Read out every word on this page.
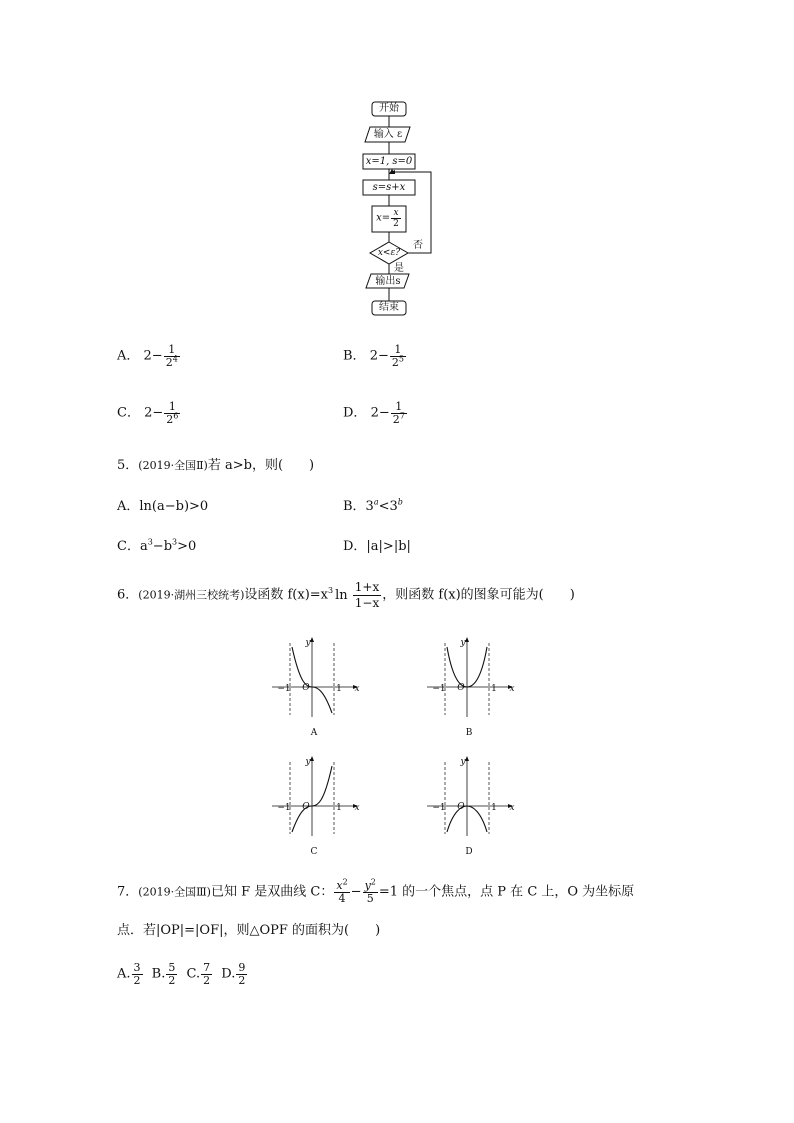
开始
输入 ε
x=1, s=0
s=s+x
$x= \frac{x}{2}$
x<ε?
否
是
输出s
结束
A． $2- \frac{1}{2^4}$	B． $2- \frac{1}{2^5}$
C． $2- \frac{1}{2^6}$	D． $2- \frac{1}{2^7}$
5．(2019·全国Ⅱ)若 a>b，则(　　)
A．ln(a−b)>0	B．$3^a<3^b$
C．$a^3-b^3>0$	D．|a|>|b|
6．(2019·湖州三校统考)设函数 $f(x)=x^3$ $\ln \frac{1+x}{1-x}$ ，则函数 f(x)的图象可能为(　　)
y
x
O
−1	1
A
y
x
O
−1	1
B
y
x
O
−1	1
C
y
x
O
−1	1
D
7．(2019·全国Ⅲ)已知 F 是双曲线 C： $\frac{x^2}{4} - \frac{y^2}{5} =1$ 的一个焦点，点 P 在 C 上，O 为坐标原
点．若|OP|=|OF|，则△OPF 的面积为(　　)
A. $\frac{3}{2} B$. $\frac{5}{2} C$. $\frac{7}{2} D$. $\frac{9}{2}$
